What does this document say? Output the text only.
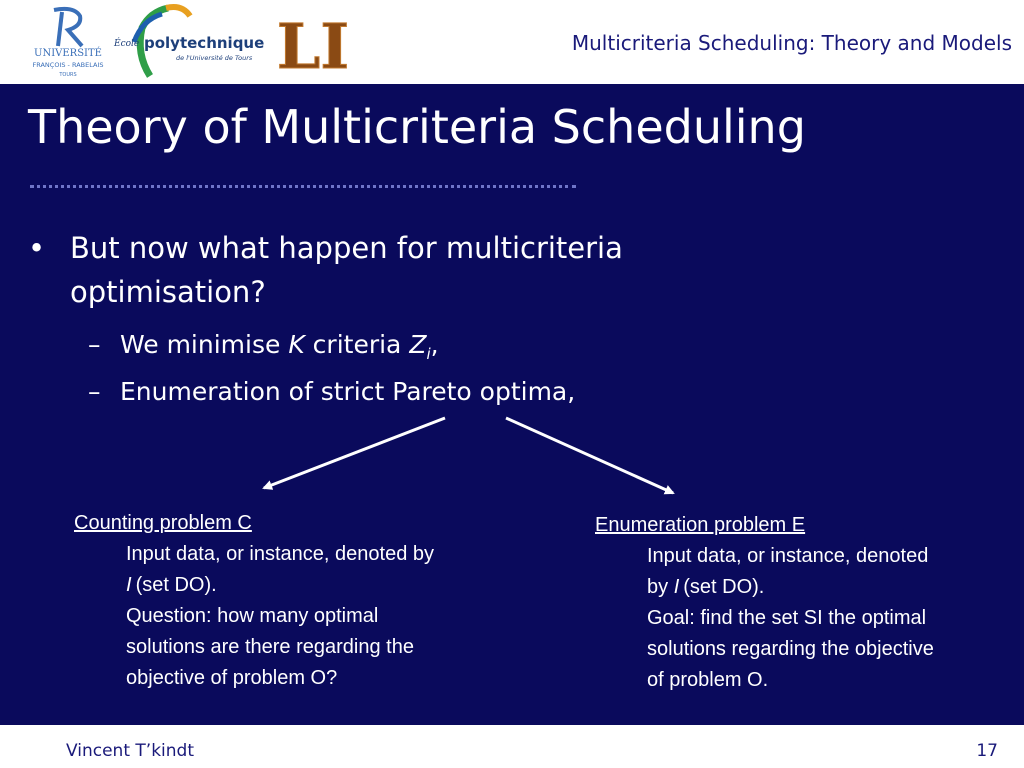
UNIVERSITÉ
FRANÇOIS - RABELAIS
TOURS
École polytechnique
de l'Université de Tours LI	Multicriteria Scheduling: Theory and Models
Theory of Multicriteria Scheduling
• But now what happen for multicriteria
optimisation?
– We minimise K criteria $Z_i$,
– Enumeration of strict Pareto optima,
Counting problem C
Input data, or instance, denoted by
I (set DO).
Question: how many optimal
solutions are there regarding the
objective of problem O?
Enumeration problem E
Input data, or instance, denoted
by I (set DO).
Goal: find the set SI the optimal
solutions regarding the objective
of problem O.
Vincent T’kindt	17
